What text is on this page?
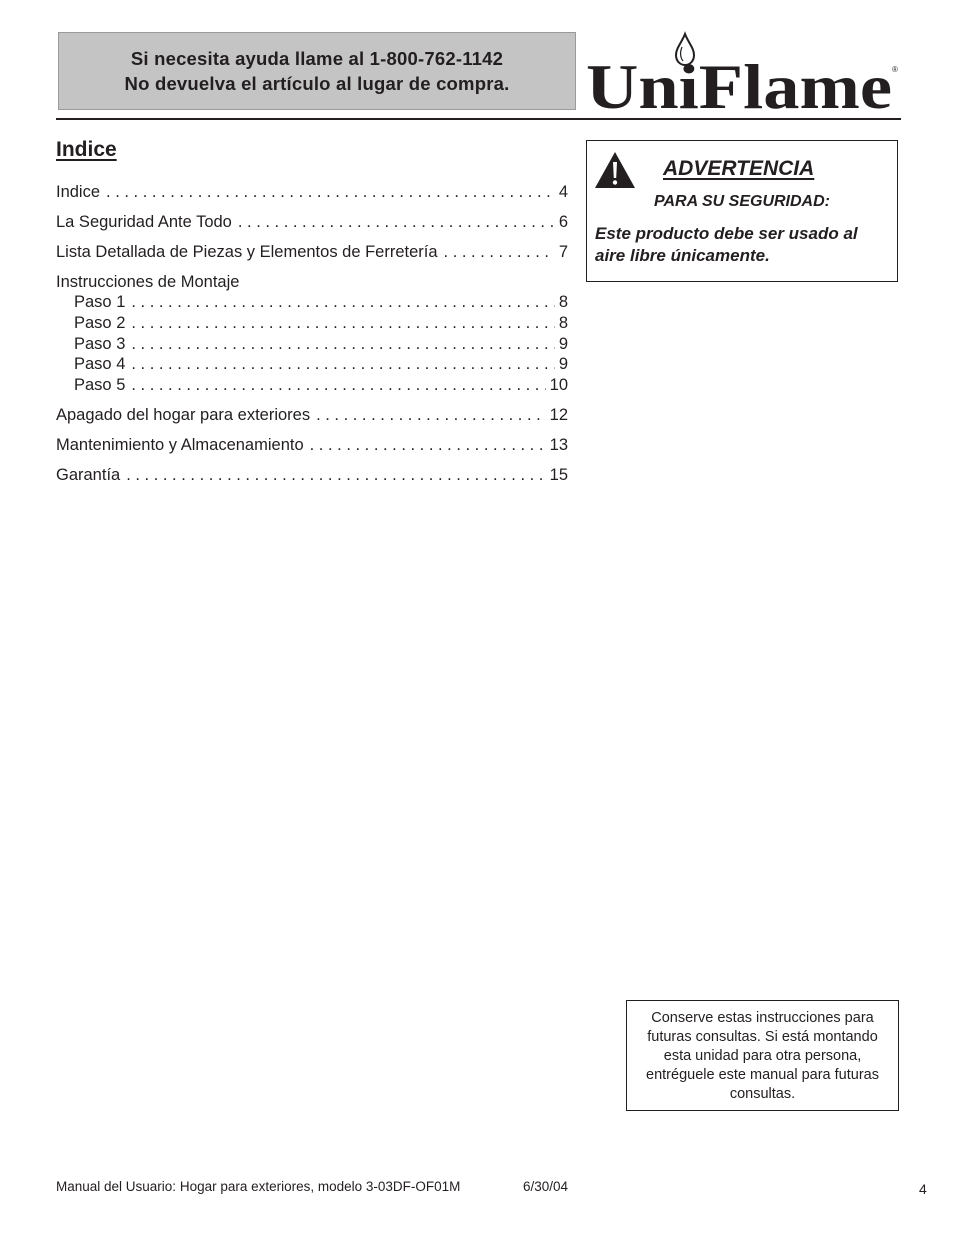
Si necesita ayuda llame al 1-800-762-1142
No devuelva el artículo al lugar de compra. UniFlame ®
Indice
Indice . . .	4
La Seguridad Ante Todo . . .	6
Lista Detallada de Piezas y Elementos de Ferretería . . .	7
Instrucciones de Montaje
Paso 1 . . .	8
Paso 2 . . .	8
Paso 3 . . .	9
Paso 4 . . .	9
Paso 5 . . .	10
Apagado del hogar para exteriores . . .	12
Mantenimiento y Almacenamiento . . .	13
Garantía . . .	15
ADVERTENCIA
PARA SU SEGURIDAD:
Este producto debe ser usado al aire libre únicamente.
Conserve estas instrucciones para futuras consultas. Si está montando esta unidad para otra persona, entréguele este manual para futuras consultas.
Manual del Usuario: Hogar para exteriores, modelo 3-03DF-OF01M	6/30/04	4
